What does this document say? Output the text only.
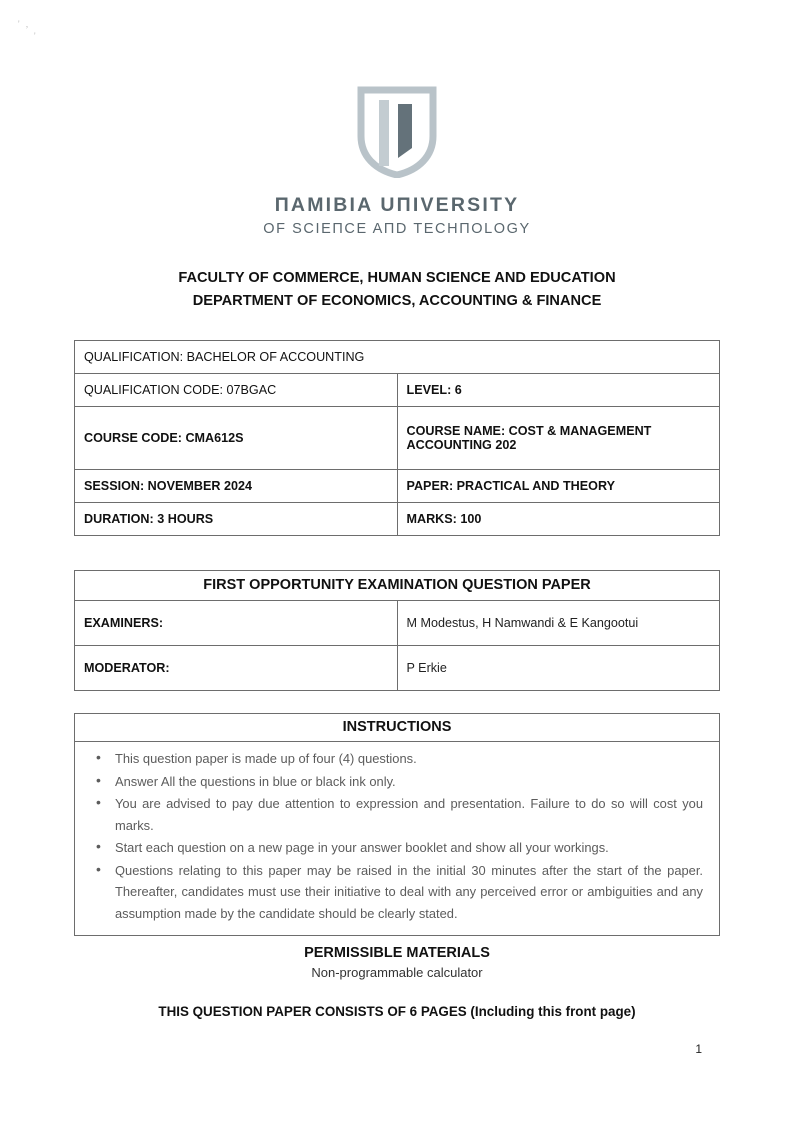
' ,
'
ПAMIBIA UПIVERSITY
OF SCIEПCE AПD TECHПOLOGY
FACULTY OF COMMERCE, HUMAN SCIENCE AND EDUCATION
DEPARTMENT OF ECONOMICS, ACCOUNTING & FINANCE
QUALIFICATION: BACHELOR OF ACCOUNTING	
QUALIFICATION CODE: 07BGAC	LEVEL: 6
COURSE CODE: CMA612S	COURSE NAME: COST & MANAGEMENT
ACCOUNTING 202

SESSION: NOVEMBER 2024	PAPER: PRACTICAL AND THEORY
DURATION: 3 HOURS	MARKS: 100
FIRST OPPORTUNITY EXAMINATION QUESTION PAPER	
EXAMINERS:	M Modestus, H Namwandi & E Kangootui
MODERATOR:	P Erkie
INSTRUCTIONS

• This question paper is made up of four (4) questions.
• Answer All the questions in blue or black ink only.
• You are advised to pay due attention to expression and presentation. Failure to do so will cost you marks.
• Start each question on a new page in your answer booklet and show all your workings.
• Questions relating to this paper may be raised in the initial 30 minutes after the start of the paper. Thereafter, candidates must use their initiative to deal with any perceived error or ambiguities and any assumption made by the candidate should be clearly stated.
PERMISSIBLE MATERIALS
Non-programmable calculator
THIS QUESTION PAPER CONSISTS OF 6 PAGES (Including this front page)
1
